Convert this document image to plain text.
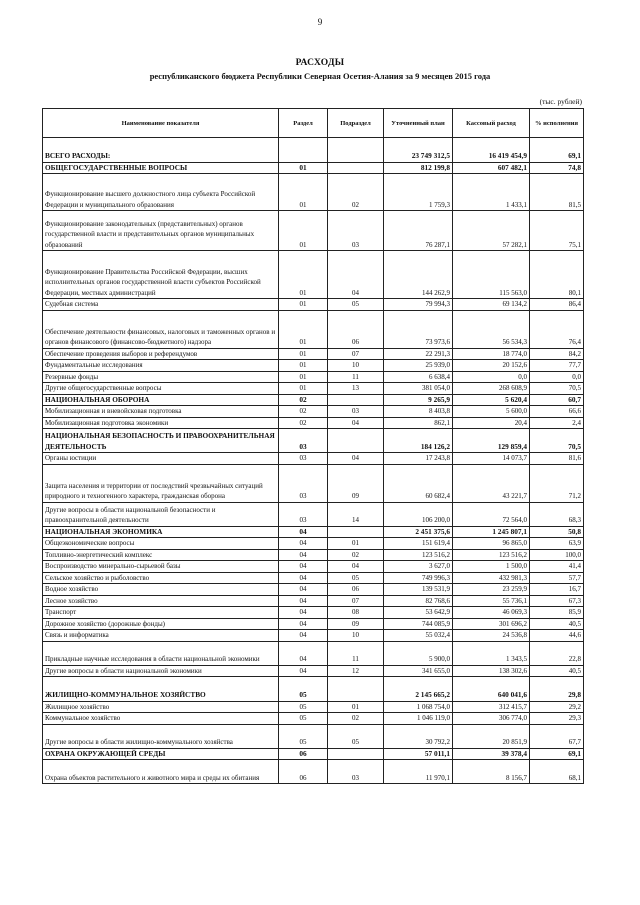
9
РАСХОДЫ
республиканского бюджета Республики Северная Осетия-Алания за 9 месяцев 2015 года
(тыс. рублей)
Наименование показателя	Раздел	Подраздел	Уточненный план	Кассовый расход	% исполнения
ВСЕГО РАСХОДЫ:			23 749 312,5	16 419 454,9	69,1
ОБЩЕГОСУДАРСТВЕННЫЕ ВОПРОСЫ	01		812 199,8	607 482,1	74,8
Функционирование высшего должностного лица субъекта Российской Федерации и муниципального образования	01	02	1 759,3	1 433,1	81,5
Функционирование законодательных (представительных) органов государственной власти и представительных органов муниципальных образований	01	03	76 287,1	57 282,1	75,1
Функционирование Правительства Российской Федерации, высших исполнительных органов государственной власти субъектов Российской Федерации, местных администраций	01	04	144 262,9	115 563,0	80,1
Судебная система	01	05	79 994,3	69 134,2	86,4
Обеспечение деятельности финансовых, налоговых и таможенных органов и органов финансового (финансово-бюджетного) надзора	01	06	73 973,6	56 534,3	76,4
Обеспечение проведения выборов и референдумов	01	07	22 291,3	18 774,0	84,2
Фундаментальные исследования	01	10	25 939,0	20 152,6	77,7
Резервные фонды	01	11	6 638,4	0,0	0,0
Другие общегосударственные вопросы	01	13	381 054,0	268 608,9	70,5
НАЦИОНАЛЬНАЯ ОБОРОНА	02		9 265,9	5 620,4	60,7
Мобилизационная и вневойсковая подготовка	02	03	8 403,8	5 600,0	66,6
Мобилизационная подготовка экономики	02	04	862,1	20,4	2,4
НАЦИОНАЛЬНАЯ БЕЗОПАСНОСТЬ И ПРАВООХРАНИТЕЛЬНАЯ ДЕЯТЕЛЬНОСТЬ	03		184 126,2	129 859,4	70,5
Органы юстиции	03	04	17 243,8	14 073,7	81,6
Защита населения и территории от последствий чрезвычайных ситуаций природного и техногенного характера, гражданская оборона	03	09	60 682,4	43 221,7	71,2
Другие вопросы в области национальной безопасности и правоохранительной деятельности	03	14	106 200,0	72 564,0	68,3
НАЦИОНАЛЬНАЯ ЭКОНОМИКА	04		2 451 375,6	1 245 807,1	50,8
Общеэкономические вопросы	04	01	151 619,4	96 865,0	63,9
Топливно-энергетический комплекс	04	02	123 516,2	123 516,2	100,0
Воспроизводство минерально-сырьевой базы	04	04	3 627,0	1 500,0	41,4
Сельское хозяйство и рыболовство	04	05	749 996,3	432 981,3	57,7
Водное хозяйство	04	06	139 531,9	23 259,9	16,7
Лесное хозяйство	04	07	82 768,6	55 736,1	67,3
Транспорт	04	08	53 642,9	46 069,3	85,9
Дорожное хозяйство (дорожные фонды)	04	09	744 085,9	301 696,2	40,5
Связь и информатика	04	10	55 032,4	24 536,8	44,6
Прикладные научные исследования в области национальной экономики	04	11	5 900,0	1 343,5	22,8
Другие вопросы в области национальной экономики	04	12	341 655,0	138 302,6	40,5
ЖИЛИЩНО-КОММУНАЛЬНОЕ ХОЗЯЙСТВО	05		2 145 665,2	640 041,6	29,8
Жилищное хозяйство	05	01	1 068 754,0	312 415,7	29,2
Коммунальное хозяйство	05	02	1 046 119,0	306 774,0	29,3
Другие вопросы в области жилищно-коммунального хозяйства	05	05	30 792,2	20 851,9	67,7
ОХРАНА ОКРУЖАЮЩЕЙ СРЕДЫ	06		57 011,1	39 378,4	69,1
Охрана объектов растительного и животного мира и среды их обитания	06	03	11 970,1	8 156,7	68,1
